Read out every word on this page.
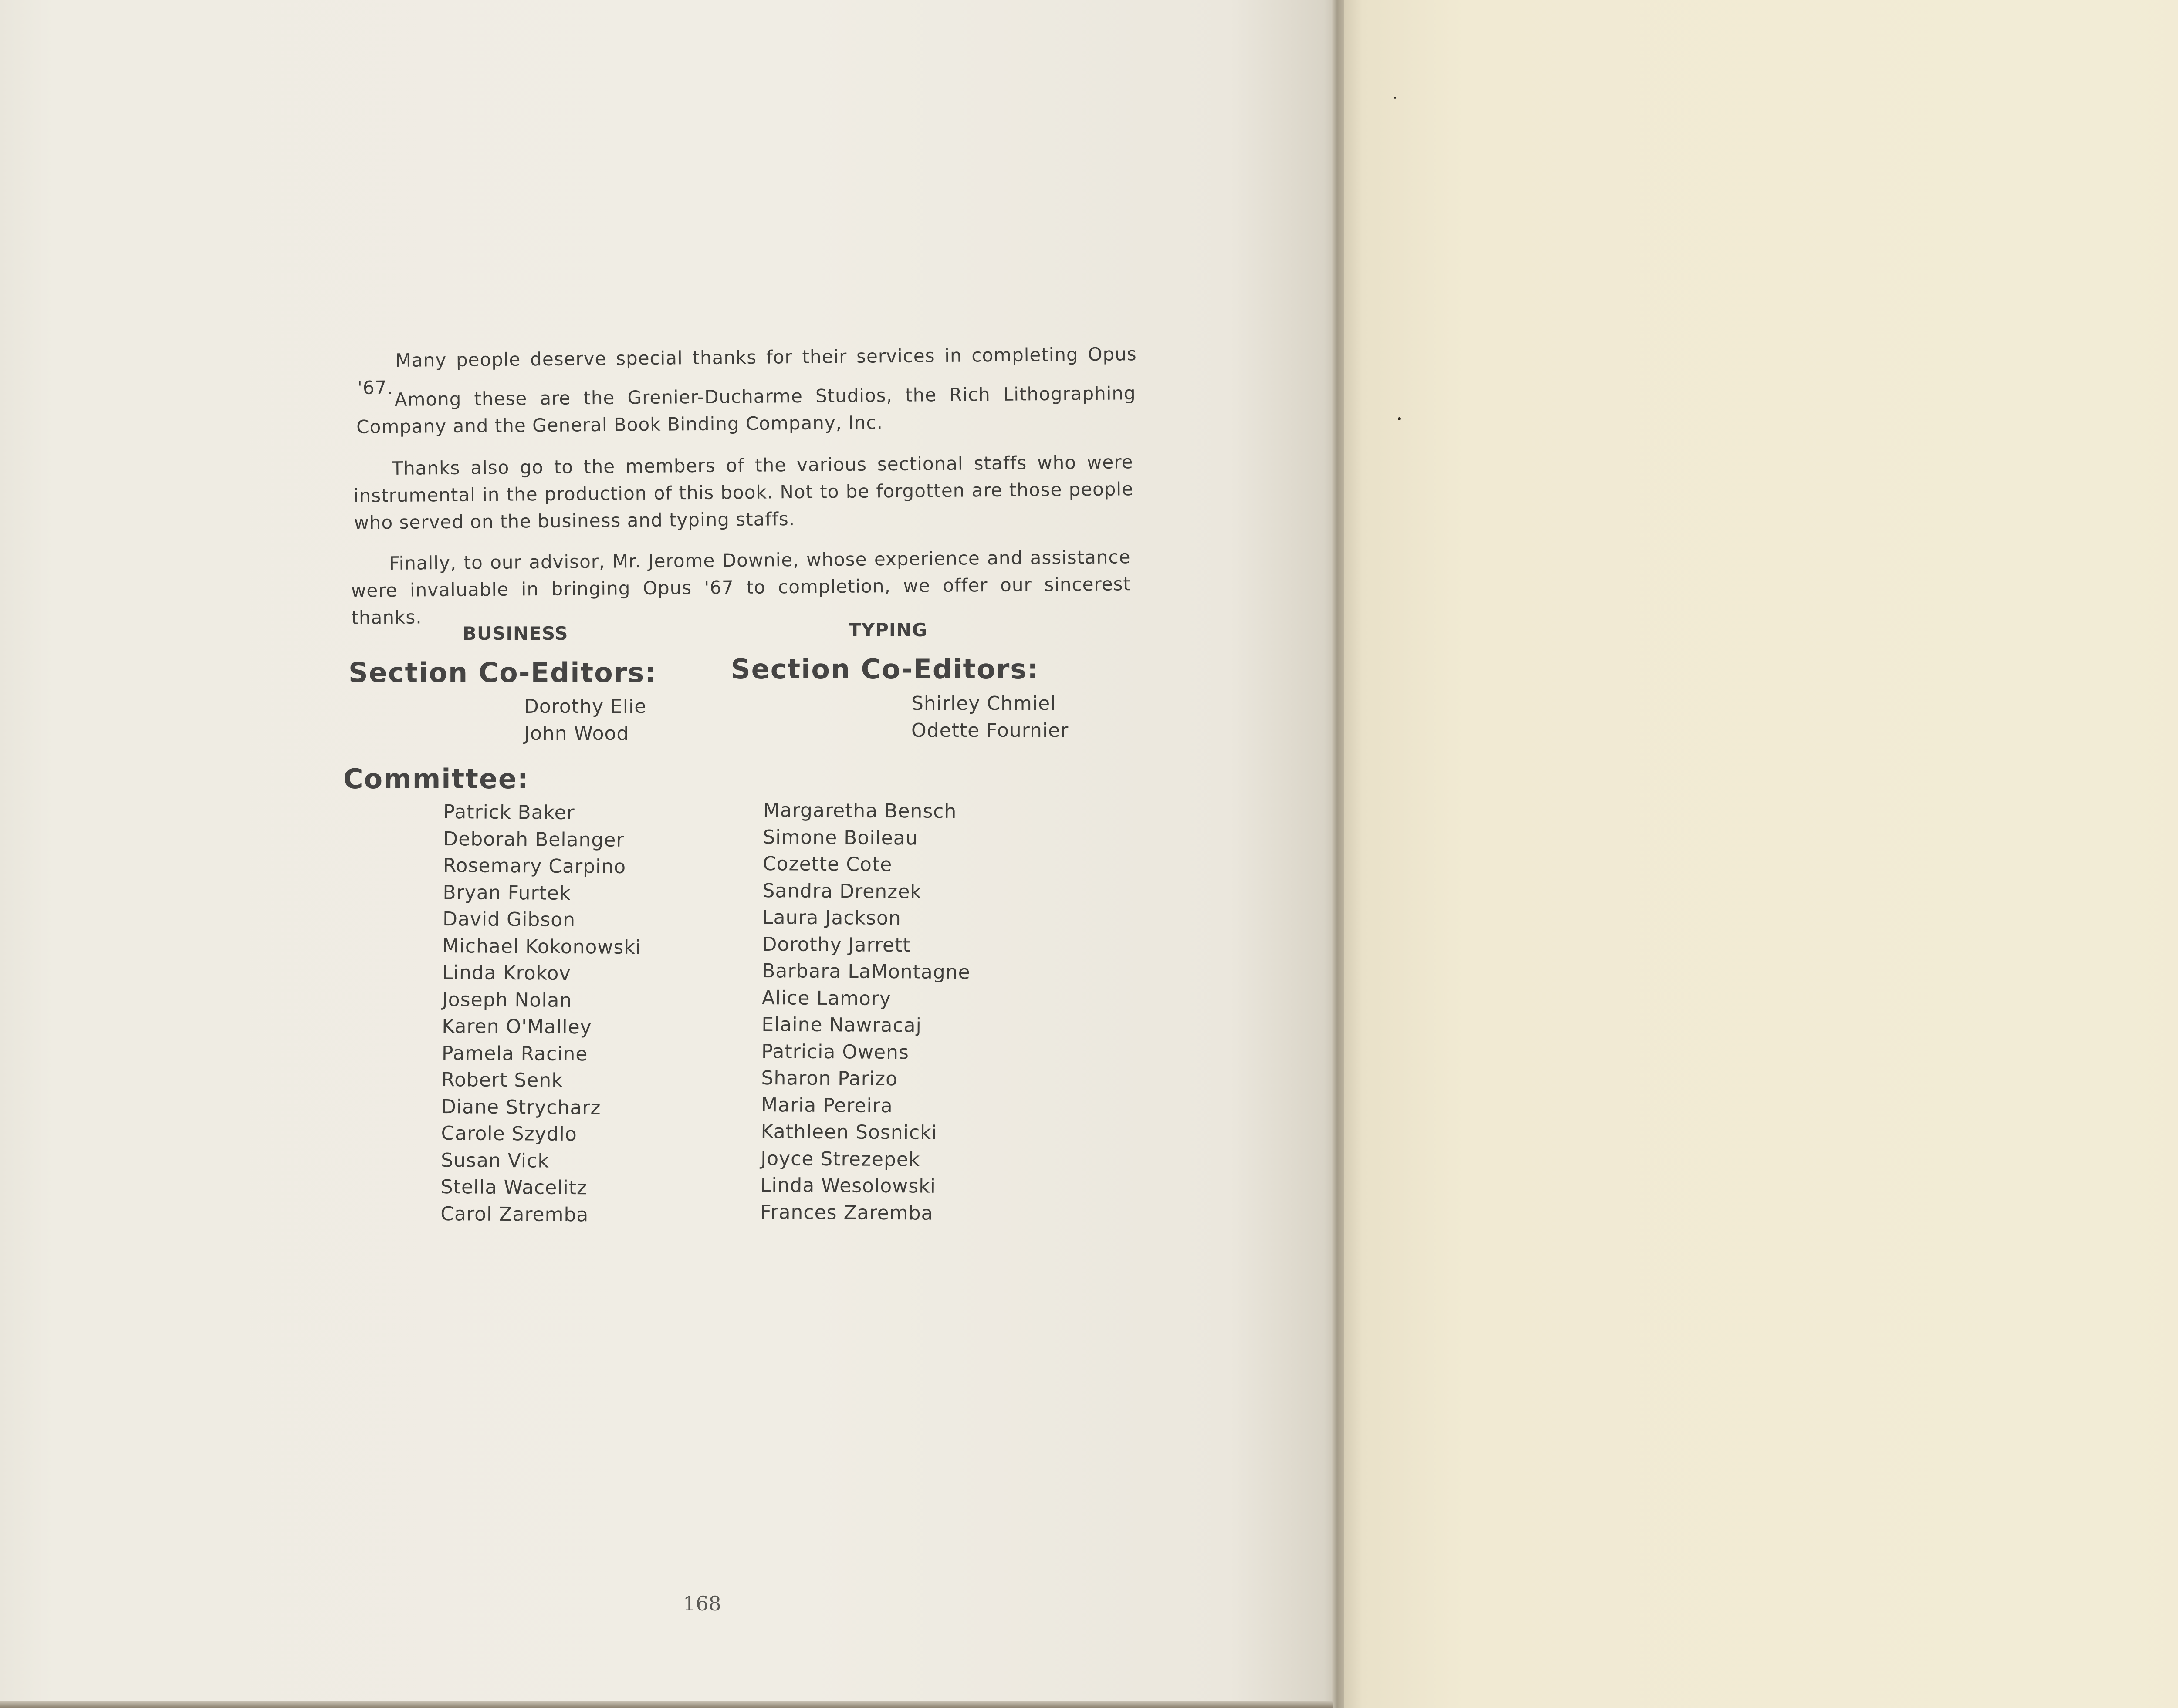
Many people deserve special thanks for their services in completing Opus '67. Among these are the Grenier-Ducharme Studios, the Rich Lithographing Company and the General Book Binding Company, Inc.
Thanks also go to the members of the various sectional staffs who were instrumental in the production of this book. Not to be forgotten are those people who served on the business and typing staffs.
Finally, to our advisor, Mr. Jerome Downie, whose experience and assistance were invaluable in bringing Opus '67 to completion, we offer our sincerest thanks.
BUSINESS	TYPING
Section Co-Editors:	Section Co-Editors:
Dorothy Elie
John Wood
Shirley Chmiel
Odette Fournier
Committee:
Patrick Baker
Deborah Belanger
Rosemary Carpino
Bryan Furtek
David Gibson
Michael Kokonowski
Linda Krokov
Joseph Nolan
Karen O'Malley
Pamela Racine
Robert Senk
Diane Strycharz
Carole Szydlo
Susan Vick
Stella Wacelitz
Carol Zaremba
Margaretha Bensch
Simone Boileau
Cozette Cote
Sandra Drenzek
Laura Jackson
Dorothy Jarrett
Barbara LaMontagne
Alice Lamory
Elaine Nawracaj
Patricia Owens
Sharon Parizo
Maria Pereira
Kathleen Sosnicki
Joyce Strezepek
Linda Wesolowski
Frances Zaremba
168
